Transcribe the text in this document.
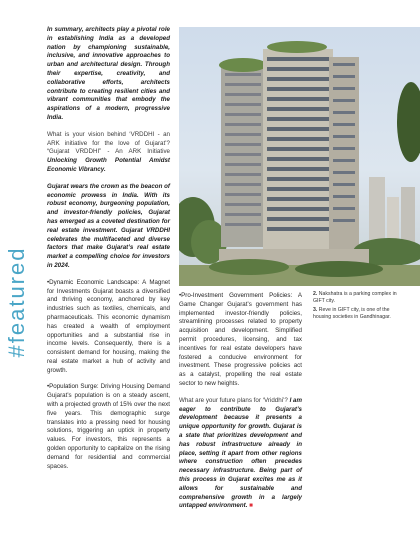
#featured

In summary, architects play a pivotal role in establishing India as a developed nation by championing sustainable, inclusive, and innovative approaches to urban and architectural design. Through their expertise, creativity, and collaborative efforts, architects contribute to creating resilient cities and vibrant communities that embody the aspirations of a modern, progressive India.

What is your vision behind ‘VRDDHI - an ARK initiative for the love of Gujarat’? “Gujarat VRDDHI” - An ARK Initiative Unlocking Growth Potential Amidst Economic Vibrancy.

Gujarat wears the crown as the beacon of economic prowess in India. With its robust economy, burgeoning population, and investor-friendly policies, Gujarat has emerged as a coveted destination for real estate investment. Gujarat VRDDHI celebrates the multifaceted and diverse factors that make Gujarat’s real estate market a compelling choice for investors in 2024.

•Dynamic Economic Landscape: A Magnet for Investments Gujarat boasts a diversified and thriving economy, anchored by key industries such as textiles, chemicals, and pharmaceuticals. This economic dynamism has created a wealth of employment opportunities and a substantial rise in income levels. Consequently, there is a consistent demand for housing, making the real estate market a hub of activity and growth.

•Population Surge: Driving Housing Demand Gujarat’s population is on a steady ascent, with a projected growth of 15% over the next five years. This demographic surge translates into a pressing need for housing solutions, triggering an uptick in property values. For investors, this represents a golden opportunity to capitalize on the rising demand for residential and commercial spaces.

•Pro-Investment Government Policies: A Game Changer Gujarat’s government has implemented investor-friendly policies, streamlining processes related to property acquisition and development. Simplified permit procedures, licensing, and tax incentives for real estate developers have fostered a conducive environment for investment. These progressive policies act as a catalyst, propelling the real estate sector to new heights.

What are your future plans for ‘Vriddhi’? I am eager to contribute to Gujarat’s development because it presents a unique opportunity for growth. Gujarat is a state that prioritizes development and has robust infrastructure already in place, setting it apart from other regions where construction often precedes necessary infrastructure. Being part of this process in Gujarat excites me as it allows for sustainable and comprehensive growth in a largely untapped environment. ■

2. Nakshatra is a parking complex in GIFT city.

3. Reve in GIFT city, is one of the housing societies in Gandhinagar.
